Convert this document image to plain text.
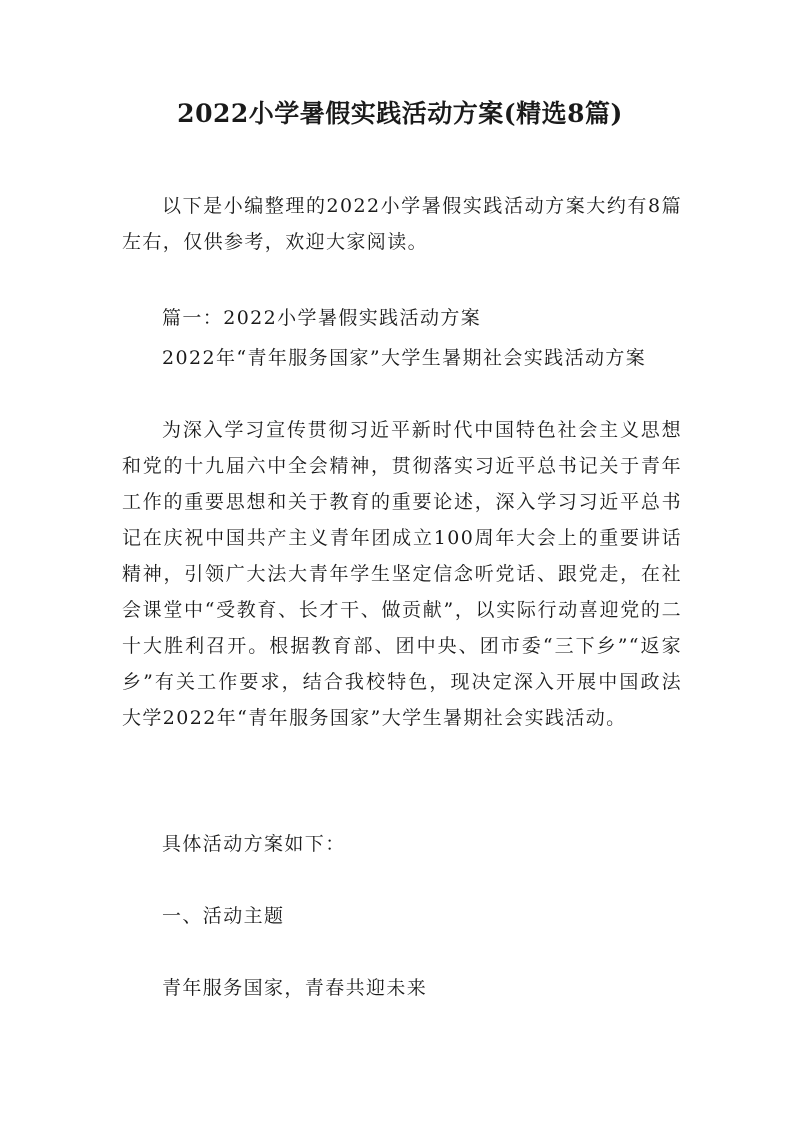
2022小学暑假实践活动方案(精选8篇)
以下是小编整理的2022小学暑假实践活动方案大约有8篇左右，仅供参考，欢迎大家阅读。
篇一：2022小学暑假实践活动方案
2022年“青年服务国家”大学生暑期社会实践活动方案
为深入学习宣传贯彻习近平新时代中国特色社会主义思想和党的十九届六中全会精神，贯彻落实习近平总书记关于青年工作的重要思想和关于教育的重要论述，深入学习习近平总书记在庆祝中国共产主义青年团成立100周年大会上的重要讲话精神，引领广大法大青年学生坚定信念听党话、跟党走，在社会课堂中“受教育、长才干、做贡献”，以实际行动喜迎党的二十大胜利召开。根据教育部、团中央、团市委“三下乡”“返家乡”有关工作要求，结合我校特色，现决定深入开展中国政法大学2022年“青年服务国家”大学生暑期社会实践活动。
具体活动方案如下：
一、活动主题
青年服务国家，青春共迎未来
